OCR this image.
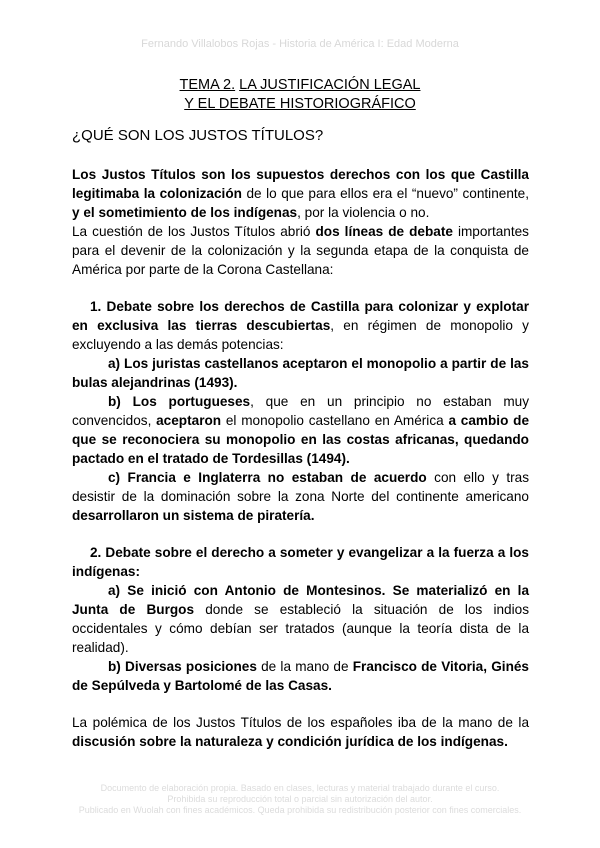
Fernando Villalobos Rojas - Historia de América I: Edad Moderna
TEMA 2. LA JUSTIFICACIÓN LEGAL
Y EL DEBATE HISTORIOGRÁFICO
¿QUÉ SON LOS JUSTOS TÍTULOS?

Los Justos Títulos son los supuestos derechos con los que Castilla legitimaba la colonización de lo que para ellos era el “nuevo” continente, y el sometimiento de los indígenas, por la violencia o no.

La cuestión de los Justos Títulos abrió dos líneas de debate importantes para el devenir de la colonización y la segunda etapa de la conquista de América por parte de la Corona Castellana:

1. Debate sobre los derechos de Castilla para colonizar y explotar en exclusiva las tierras descubiertas, en régimen de monopolio y excluyendo a las demás potencias:

a) Los juristas castellanos aceptaron el monopolio a partir de las bulas alejandrinas (1493).

b) Los portugueses, que en un principio no estaban muy convencidos, aceptaron el monopolio castellano en América a cambio de que se reconociera su monopolio en las costas africanas, quedando pactado en el tratado de Tordesillas (1494).

c) Francia e Inglaterra no estaban de acuerdo con ello y tras desistir de la dominación sobre la zona Norte del continente americano desarrollaron un sistema de piratería.

2. Debate sobre el derecho a someter y evangelizar a la fuerza a los indígenas:

a) Se inició con Antonio de Montesinos. Se materializó en la Junta de Burgos donde se estableció la situación de los indios occidentales y cómo debían ser tratados (aunque la teoría dista de la realidad).

b) Diversas posiciones de la mano de Francisco de Vitoria, Ginés de Sepúlveda y Bartolomé de las Casas.

La polémica de los Justos Títulos de los españoles iba de la mano de la discusión sobre la naturaleza y condición jurídica de los indígenas.

Documento de elaboración propia. Basado en clases, lecturas y material trabajado durante el curso.
Prohibida su reproducción total o parcial sin autorización del autor.
Publicado en Wuolah con fines académicos. Queda prohibida su redistribución posterior con fines comerciales.
